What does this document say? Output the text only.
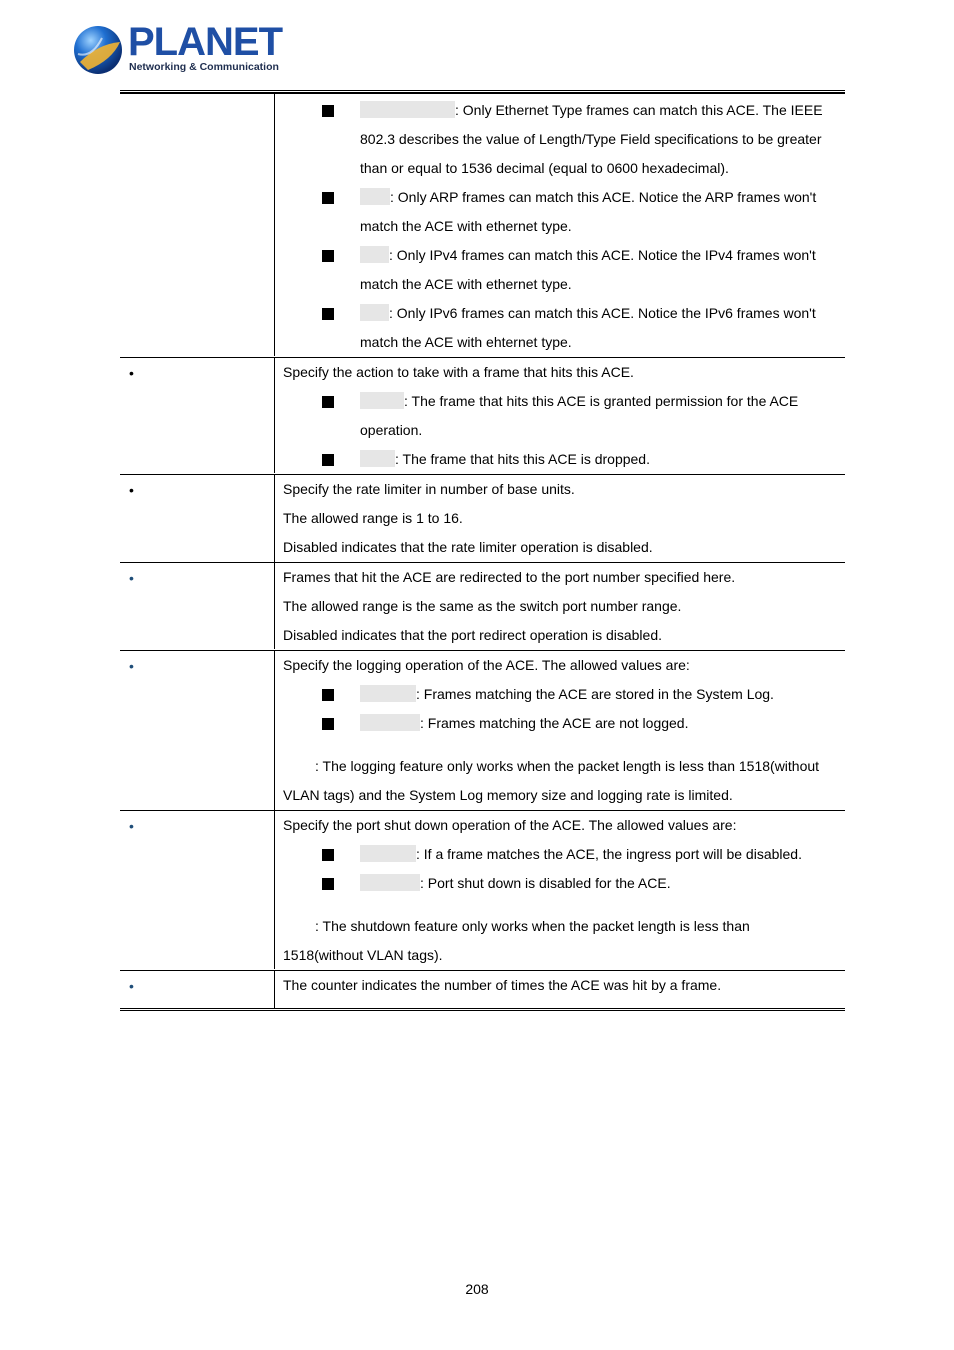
PLANET
Networking & Communication
: Only Ethernet Type frames can match this ACE. The IEEE
802.3 describes the value of Length/Type Field specifications to be greater
than or equal to 1536 decimal (equal to 0600 hexadecimal).
: Only ARP frames can match this ACE. Notice the ARP frames won't
match the ACE with ethernet type.
: Only IPv4 frames can match this ACE. Notice the IPv4 frames won't
match the ACE with ethernet type.
: Only IPv6 frames can match this ACE. Notice the IPv6 frames won't
match the ACE with ehternet type.
•	Specify the action to take with a frame that hits this ACE.
: The frame that hits this ACE is granted permission for the ACE
operation.
: The frame that hits this ACE is dropped.
•	Specify the rate limiter in number of base units.
The allowed range is 1 to 16.
Disabled indicates that the rate limiter operation is disabled.
•	Frames that hit the ACE are redirected to the port number specified here.
The allowed range is the same as the switch port number range.
Disabled indicates that the port redirect operation is disabled.
•	Specify the logging operation of the ACE. The allowed values are:
: Frames matching the ACE are stored in the System Log.
: Frames matching the ACE are not logged.
: The logging feature only works when the packet length is less than 1518(without
VLAN tags) and the System Log memory size and logging rate is limited.
•	Specify the port shut down operation of the ACE. The allowed values are:
: If a frame matches the ACE, the ingress port will be disabled.
: Port shut down is disabled for the ACE.
: The shutdown feature only works when the packet length is less than
1518(without VLAN tags).
•	The counter indicates the number of times the ACE was hit by a frame.
208
